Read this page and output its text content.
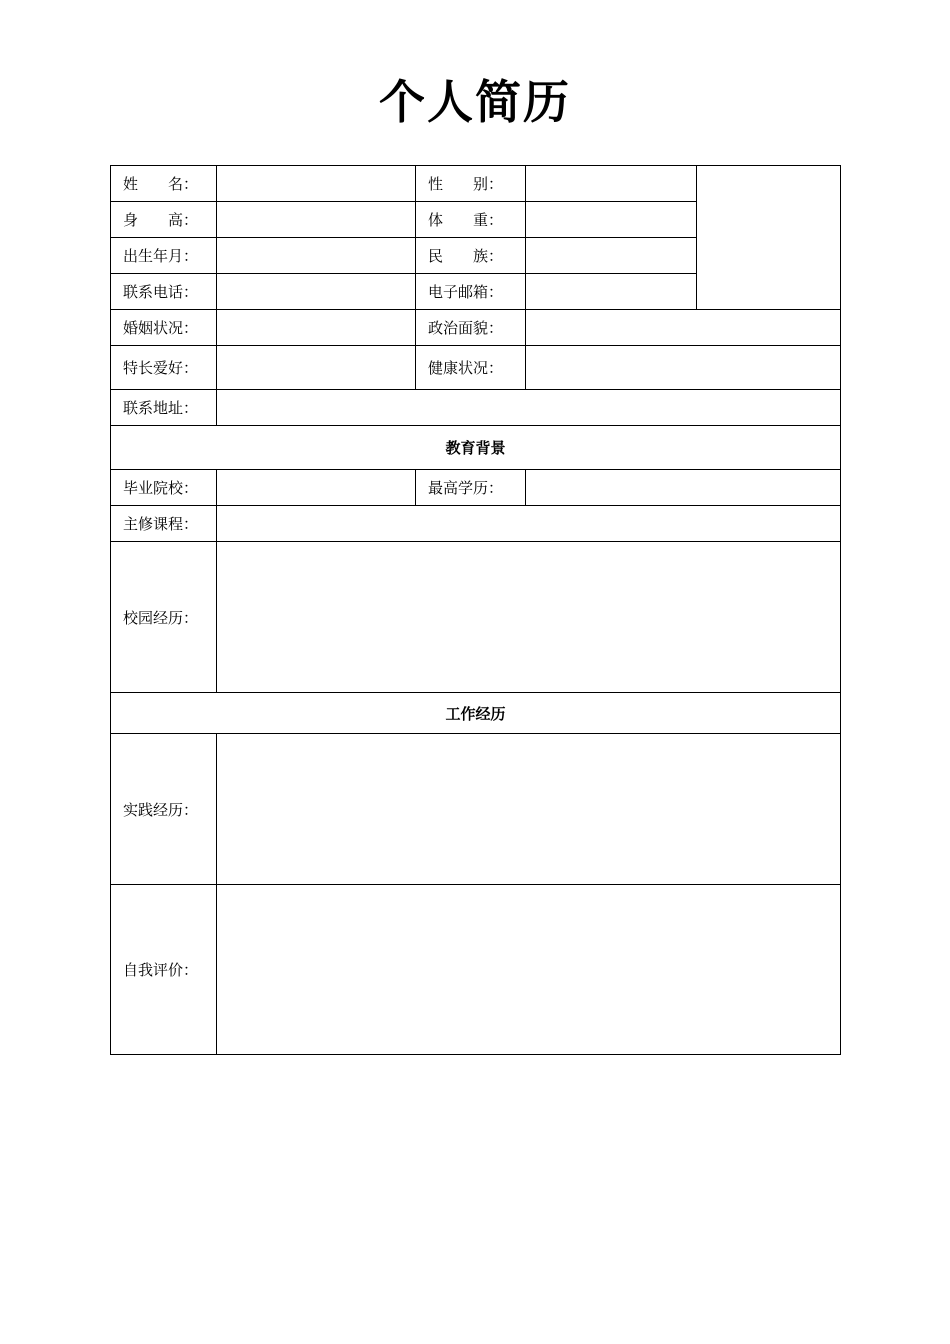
个人简历
姓　　名：		性　　别：		
身　　高：		体　　重：		
出生年月：		民　　族：		
联系电话：		电子邮箱：		
婚姻状况：		政治面貌：		
特长爱好：		健康状况：		
联系地址：				
教育背景				
毕业院校：		最高学历：		
主修课程：				
校园经历：				
工作经历				
实践经历：				
自我评价：				
